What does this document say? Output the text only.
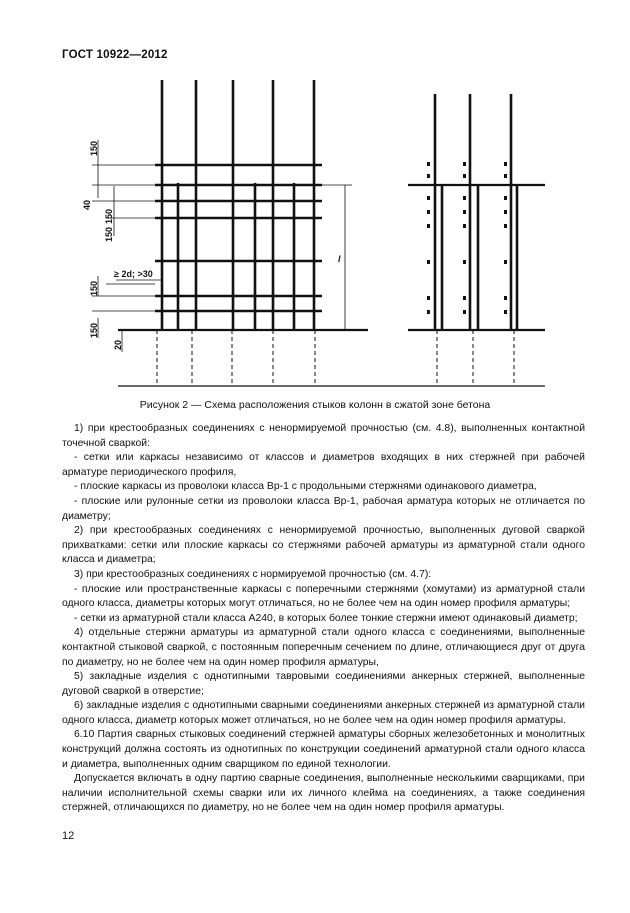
ГОСТ 10922—2012
150
40
150
150
≥ 2d; >30
150
150
20
l
Рисунок 2 — Схема расположения стыков колонн в сжатой зоне бетона

1) при крестообразных соединениях с ненормируемой прочностью (см. 4.8), выполненных контактной точечной сваркой:

- сетки или каркасы независимо от классов и диаметров входящих в них стержней при рабочей арматуре периодического профиля,

- плоские каркасы из проволоки класса Вр-1 с продольными стержнями одинакового диаметра,

- плоские или рулонные сетки из проволоки класса Вр-1, рабочая арматура которых не отличается по диаметру;

2) при крестообразных соединениях с ненормируемой прочностью, выполненных дуговой сваркой прихватками: сетки или плоские каркасы со стержнями рабочей арматуры из арматурной стали одного класса и диаметра;

3) при крестообразных соединениях с нормируемой прочностью (см. 4.7):

- плоские или пространственные каркасы с поперечными стержнями (хомутами) из арматурной стали одного класса, диаметры которых могут отличаться, но не более чем на один номер профиля арматуры;

- сетки из арматурной стали класса А240, в которых более тонкие стержни имеют одинаковый диаметр;

4) отдельные стержни арматуры из арматурной стали одного класса с соединениями, выполненные контактной стыковой сваркой, с постоянным поперечным сечением по длине, отличающиеся друг от друга по диаметру, но не более чем на один номер профиля арматуры,

5) закладные изделия с однотипными тавровыми соединениями анкерных стержней, выполненные дуговой сваркой в отверстие;

6) закладные изделия с однотипными сварными соединениями анкерных стержней из арматурной стали одного класса, диаметр которых может отличаться, но не более чем на один номер профиля арматуры.

6.10 Партия сварных стыковых соединений стержней арматуры сборных железобетонных и монолитных конструкций должна состоять из однотипных по конструкции соединений арматурной стали одного класса и диаметра, выполненных одним сварщиком по единой технологии.

Допускается включать в одну партию сварные соединения, выполненные несколькими сварщиками, при наличии исполнительной схемы сварки или их личного клейма на соединениях, а также соединения стержней, отличающихся по диаметру, но не более чем на один номер профиля арматуры.

12
